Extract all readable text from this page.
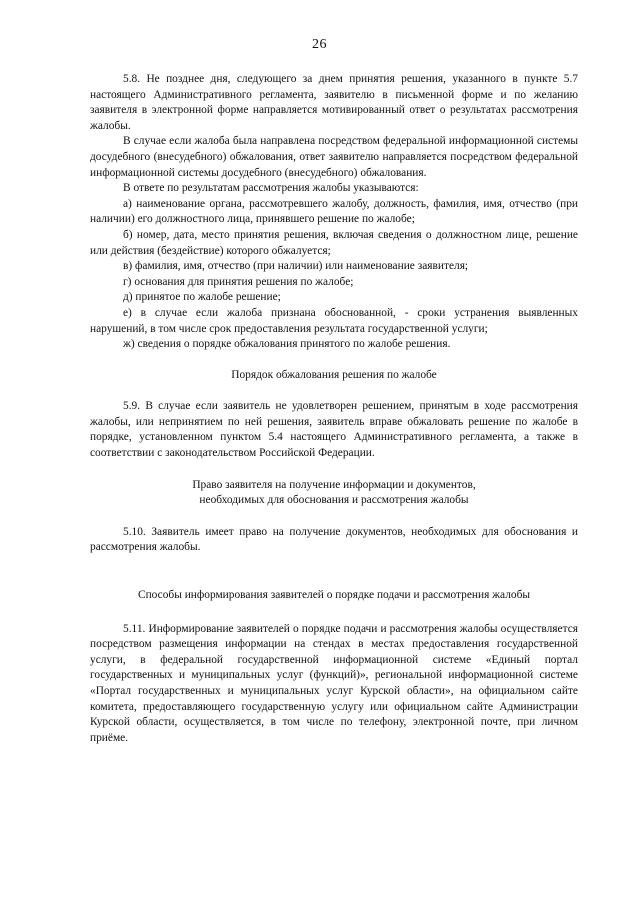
26

5.8. Не позднее дня, следующего за днем принятия решения, указанного в пункте 5.7 настоящего Административного регламента, заявителю в письменной форме и по желанию заявителя в электронной форме направляется мотивированный ответ о результатах рассмотрения жалобы.

В случае если жалоба была направлена посредством федеральной информационной системы досудебного (внесудебного) обжалования, ответ заявителю направляется посредством федеральной информационной системы досудебного (внесудебного) обжалования.

В ответе по результатам рассмотрения жалобы указываются:

а) наименование органа, рассмотревшего жалобу, должность, фамилия, имя, отчество (при наличии) его должностного лица, принявшего решение по жалобе;

б) номер, дата, место принятия решения, включая сведения о должностном лице, решение или действия (бездействие) которого обжалуется;

в) фамилия, имя, отчество (при наличии) или наименование заявителя;

г) основания для принятия решения по жалобе;

д) принятое по жалобе решение;

е) в случае если жалоба признана обоснованной, - сроки устранения выявленных нарушений, в том числе срок предоставления результата государственной услуги;

ж) сведения о порядке обжалования принятого по жалобе решения.

Порядок обжалования решения по жалобе

5.9. В случае если заявитель не удовлетворен решением, принятым в ходе рассмотрения жалобы, или непринятием по ней решения, заявитель вправе обжаловать решение по жалобе в порядке, установленном пунктом 5.4 настоящего Административного регламента, а также в соответствии с законодательством Российской Федерации.

Право заявителя на получение информации и документов,

необходимых для обоснования и рассмотрения жалобы

5.10. Заявитель имеет право на получение документов, необходимых для обоснования и рассмотрения жалобы.

Способы информирования заявителей о порядке подачи и рассмотрения жалобы

5.11. Информирование заявителей о порядке подачи и рассмотрения жалобы осуществляется посредством размещения информации на стендах в местах предоставления государственной услуги, в федеральной государственной информационной системе «Единый портал государственных и муниципальных услуг (функций)», региональной информационной системе «Портал государственных и муниципальных услуг Курской области», на официальном сайте комитета, предоставляющего государственную услугу или официальном сайте Администрации Курской области, осуществляется, в том числе по телефону, электронной почте, при личном приёме.
